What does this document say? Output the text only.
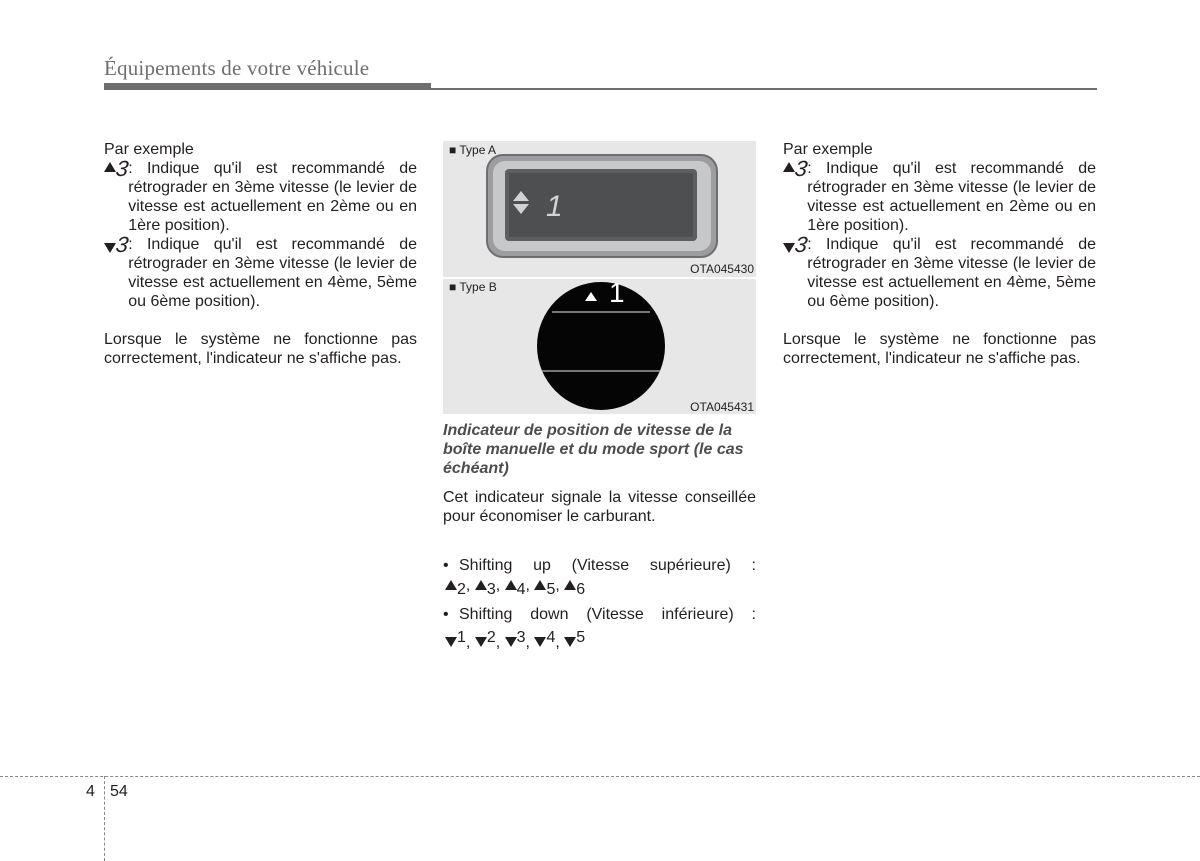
Équipements de votre véhicule

Par exemple

3
: Indique qu'il est recommandé de rétrograder en 3ème vitesse (le levier de vitesse est actuellement en 2ème ou en 1ère position).
3
: Indique qu'il est recommandé de rétrograder en 3ème vitesse (le levier de vitesse est actuellement en 4ème, 5ème ou 6ème position).

Lorsque le système ne fonctionne pas correctement, l'indicateur ne s'affiche pas.

■ Type A
1
OTA045430
■ Type B	1
OTA045431

Indicateur de position de vitesse de la boîte manuelle et du mode sport (le cas échéant)

Cet indicateur signale la vitesse conseillée pour économiser le carburant.

• Shifting up (Vitesse supérieure) :
$_2$, $_3$, $_4$, $_5$, $_6$
• Shifting down (Vitesse inférieure) :
$^1$, $^2$, $^3$, $^4$, $^5$

Par exemple

3
: Indique qu'il est recommandé de rétrograder en 3ème vitesse (le levier de vitesse est actuellement en 2ème ou en 1ère position).
3
: Indique qu'il est recommandé de rétrograder en 3ème vitesse (le levier de vitesse est actuellement en 4ème, 5ème ou 6ème position).

Lorsque le système ne fonctionne pas correctement, l'indicateur ne s'affiche pas.

4 54
